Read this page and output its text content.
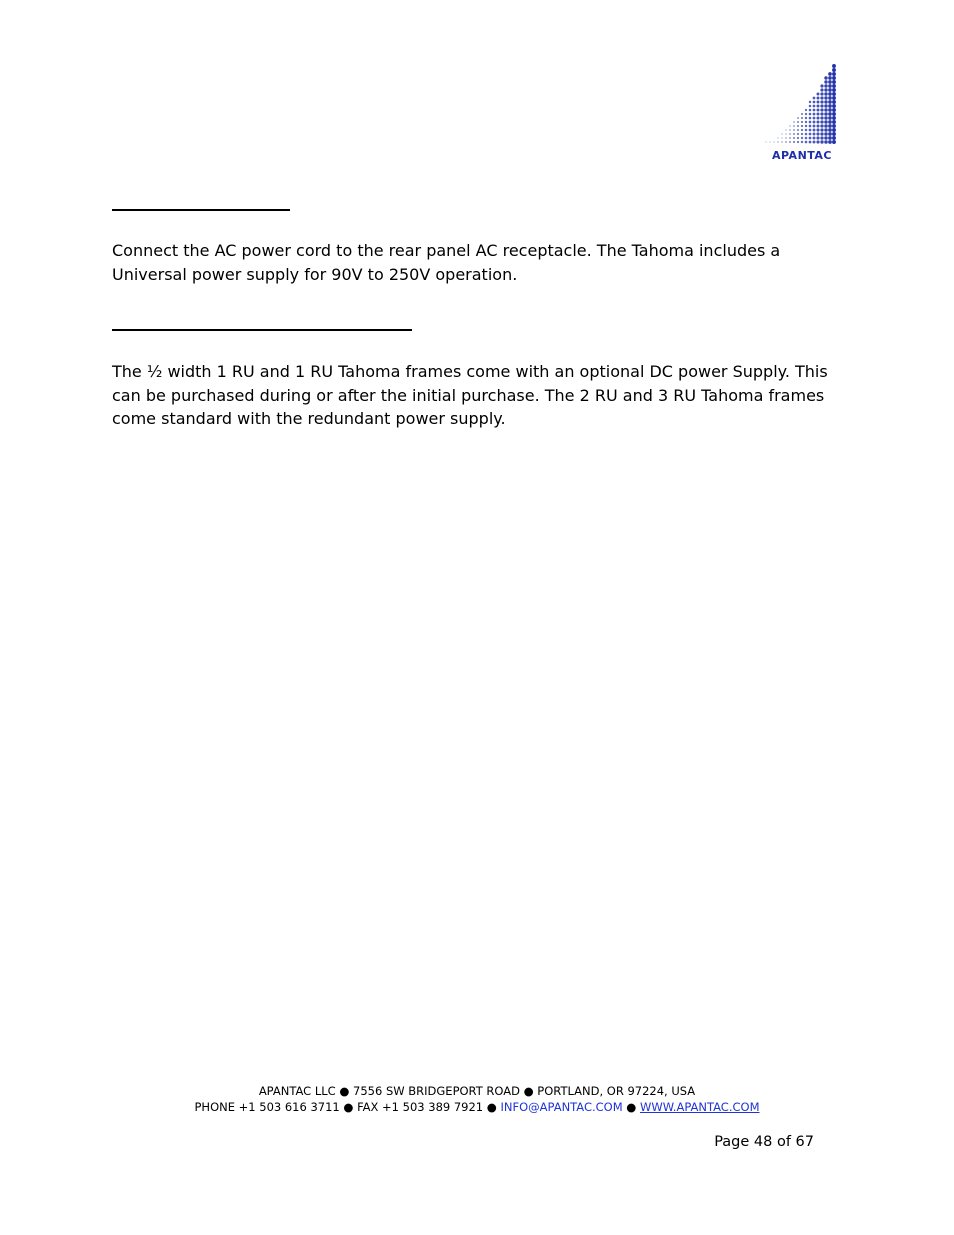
APANTAC

Connect the AC power cord to the rear panel AC receptacle. The Tahoma includes a Universal power supply for 90V to 250V operation.

The ½ width 1 RU and 1 RU Tahoma frames come with an optional DC power Supply. This can be purchased during or after the initial purchase. The 2 RU and 3 RU Tahoma frames come standard with the redundant power supply.

APANTAC LLC ● 7556 SW BRIDGEPORT ROAD ● PORTLAND, OR 97224, USA
PHONE +1 503 616 3711 ● FAX +1 503 389 7921 ● INFO@APANTAC.COM ● WWW.APANTAC.COM
Page 48 of 67
